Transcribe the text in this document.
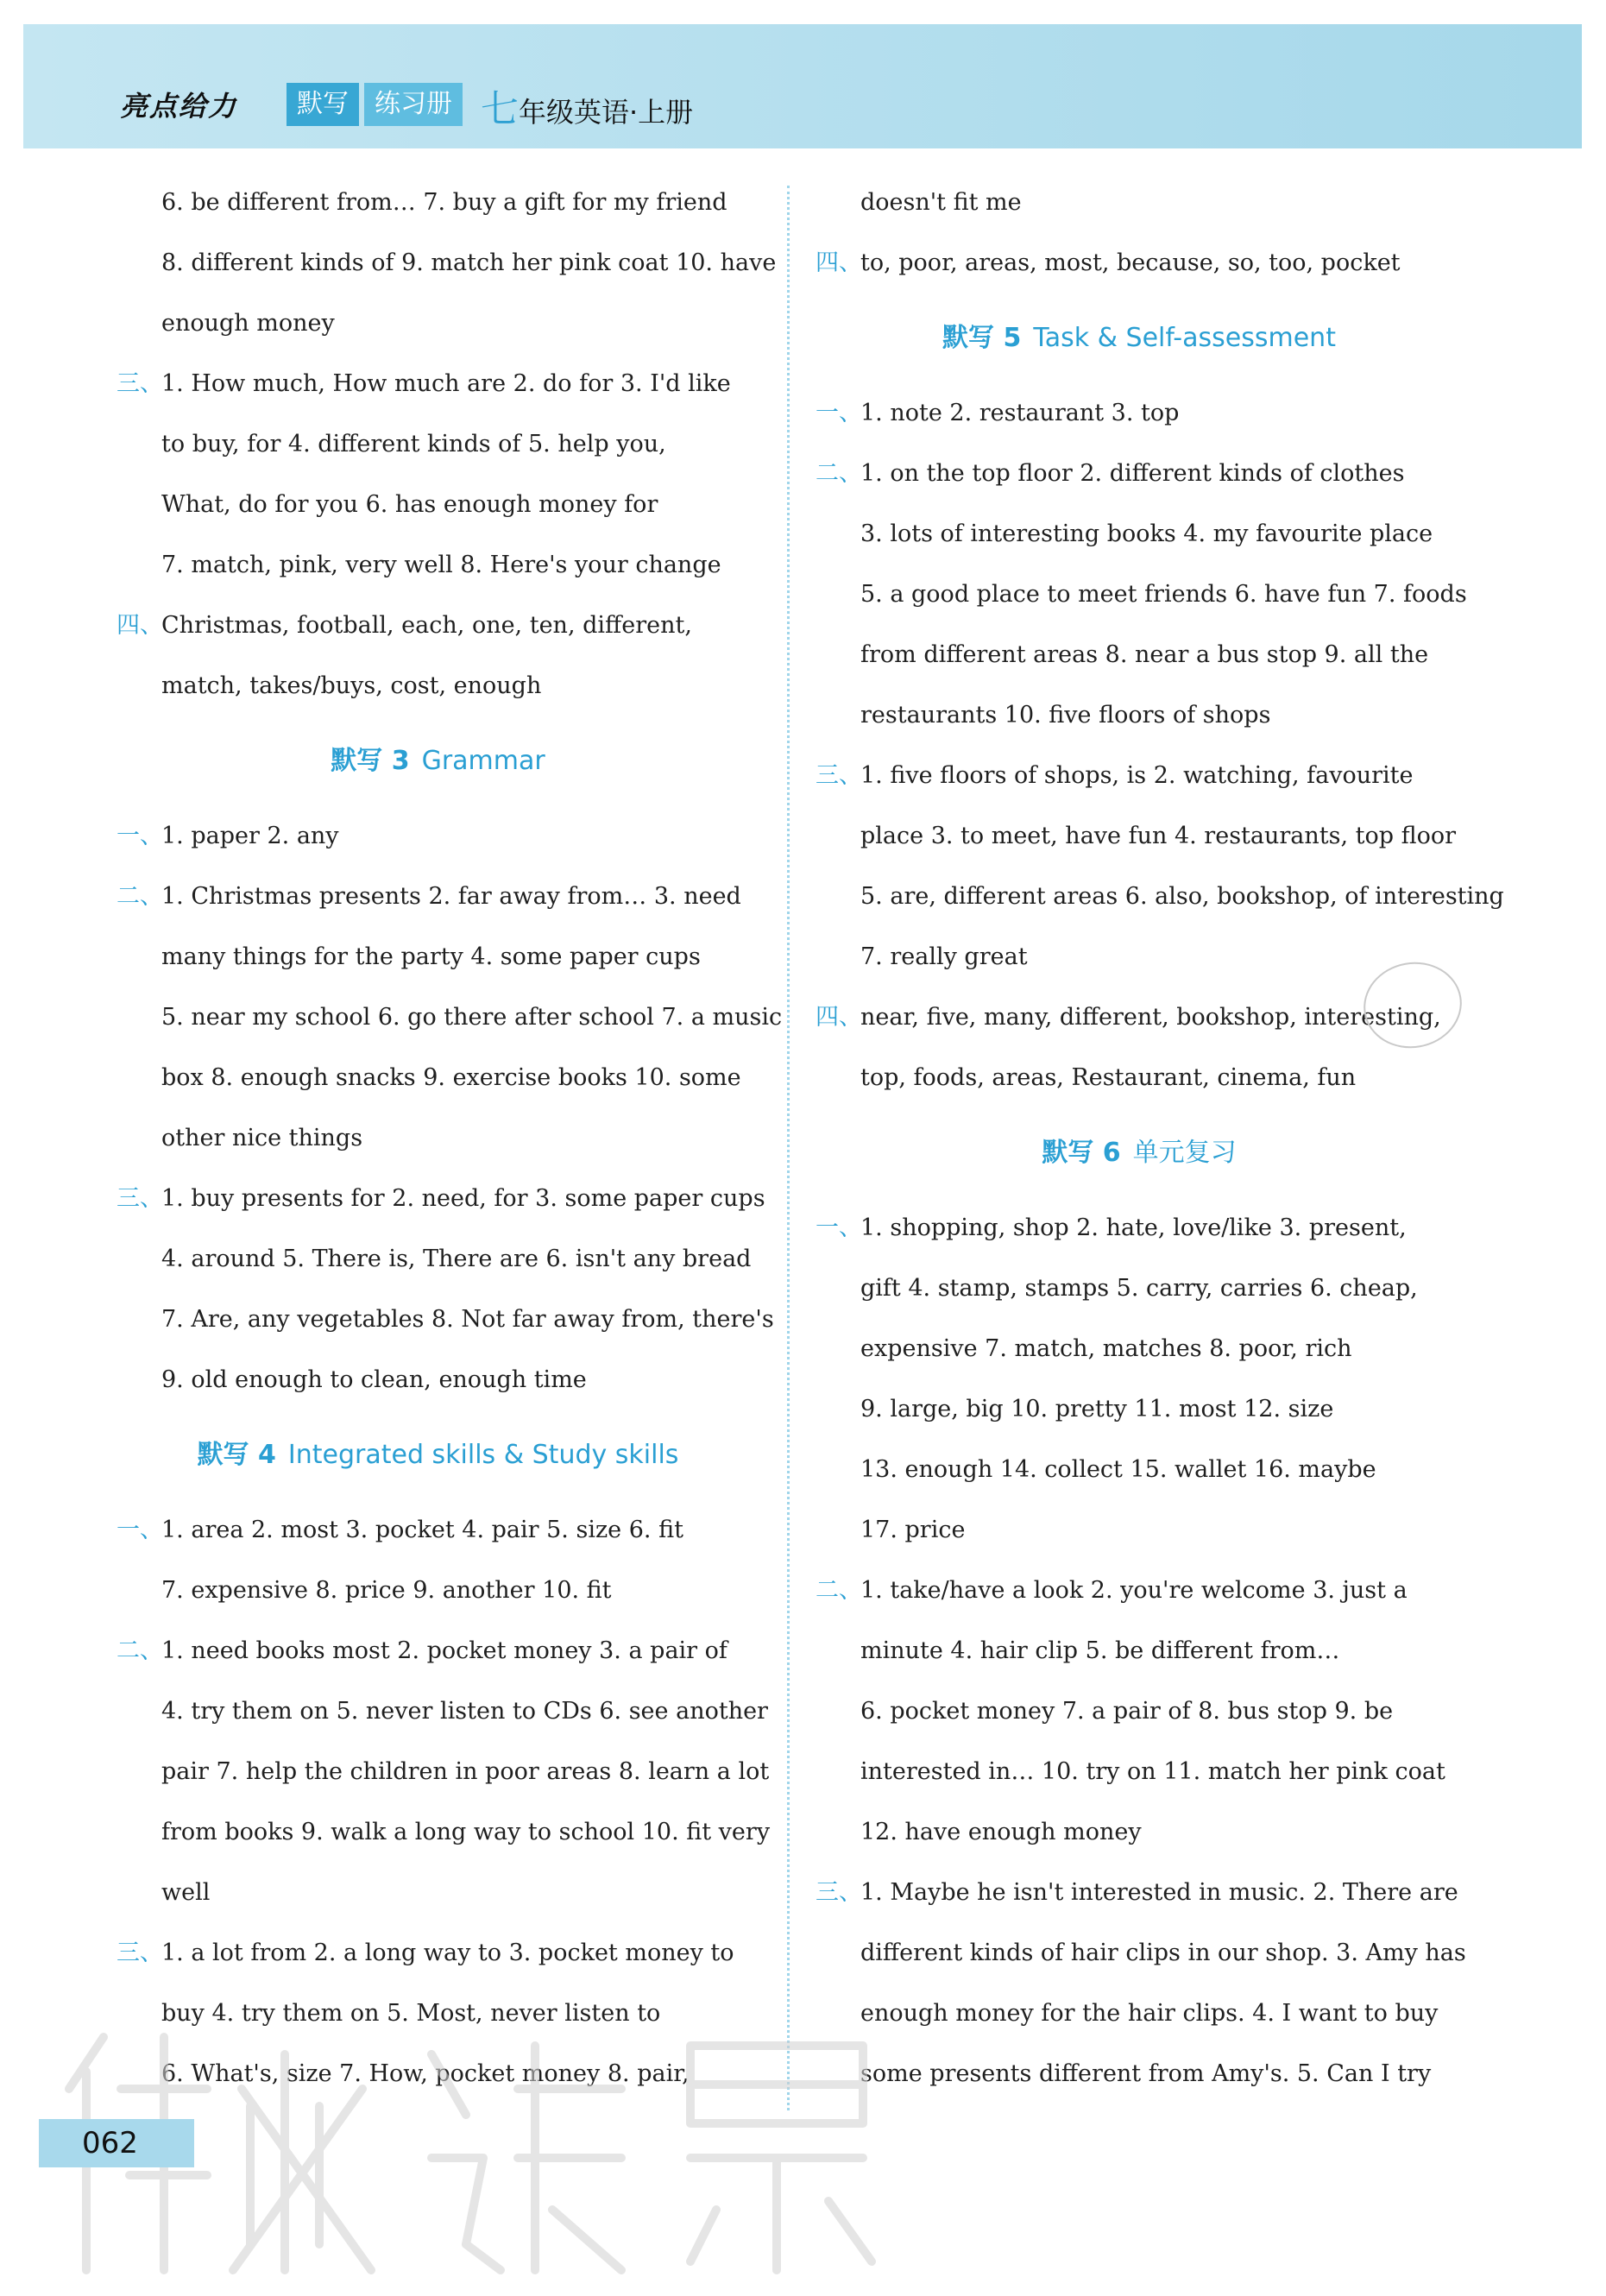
亮点给力	默写	练习册 七年级英语·上册
6. be different from… 7. buy a gift for my friend
8. different kinds of 9. match her pink coat 10. have
enough money
三、
1. How much, How much are 2. do for 3. I'd like
to buy, for 4. different kinds of 5. help you,
What, do for you 6. has enough money for
7. match, pink, very well 8. Here's your change
四、
Christmas, football, each, one, ten, different,
match, takes/buys, cost, enough
默写 3 Grammar
一、
1. paper 2. any
二、
1. Christmas presents 2. far away from… 3. need
many things for the party 4. some paper cups
5. near my school 6. go there after school 7. a music
box 8. enough snacks 9. exercise books 10. some
other nice things
三、
1. buy presents for 2. need, for 3. some paper cups
4. around 5. There is, There are 6. isn't any bread
7. Are, any vegetables 8. Not far away from, there's
9. old enough to clean, enough time
默写 4 Integrated skills & Study skills
一、
1. area 2. most 3. pocket 4. pair 5. size 6. fit
7. expensive 8. price 9. another 10. fit
二、
1. need books most 2. pocket money 3. a pair of
4. try them on 5. never listen to CDs 6. see another
pair 7. help the children in poor areas 8. learn a lot
from books 9. walk a long way to school 10. fit very
well
三、
1. a lot from 2. a long way to 3. pocket money to
buy 4. try them on 5. Most, never listen to
6. What's, size 7. How, pocket money 8. pair,
doesn't fit me
四、
to, poor, areas, most, because, so, too, pocket
默写 5 Task & Self-assessment
一、
1. note 2. restaurant 3. top
二、
1. on the top floor 2. different kinds of clothes
3. lots of interesting books 4. my favourite place
5. a good place to meet friends 6. have fun 7. foods
from different areas 8. near a bus stop 9. all the
restaurants 10. five floors of shops
三、
1. five floors of shops, is 2. watching, favourite
place 3. to meet, have fun 4. restaurants, top floor
5. are, different areas 6. also, bookshop, of interesting
7. really great
四、
near, five, many, different, bookshop, interesting,
top, foods, areas, Restaurant, cinema, fun
默写 6 单元复习
一、
1. shopping, shop 2. hate, love/like 3. present,
gift 4. stamp, stamps 5. carry, carries 6. cheap,
expensive 7. match, matches 8. poor, rich
9. large, big 10. pretty 11. most 12. size
13. enough 14. collect 15. wallet 16. maybe
17. price
二、
1. take/have a look 2. you're welcome 3. just a
minute 4. hair clip 5. be different from…
6. pocket money 7. a pair of 8. bus stop 9. be
interested in… 10. try on 11. match her pink coat
12. have enough money
三、
1. Maybe he isn't interested in music. 2. There are
different kinds of hair clips in our shop. 3. Amy has
enough money for the hair clips. 4. I want to buy
some presents different from Amy's. 5. Can I try
062
